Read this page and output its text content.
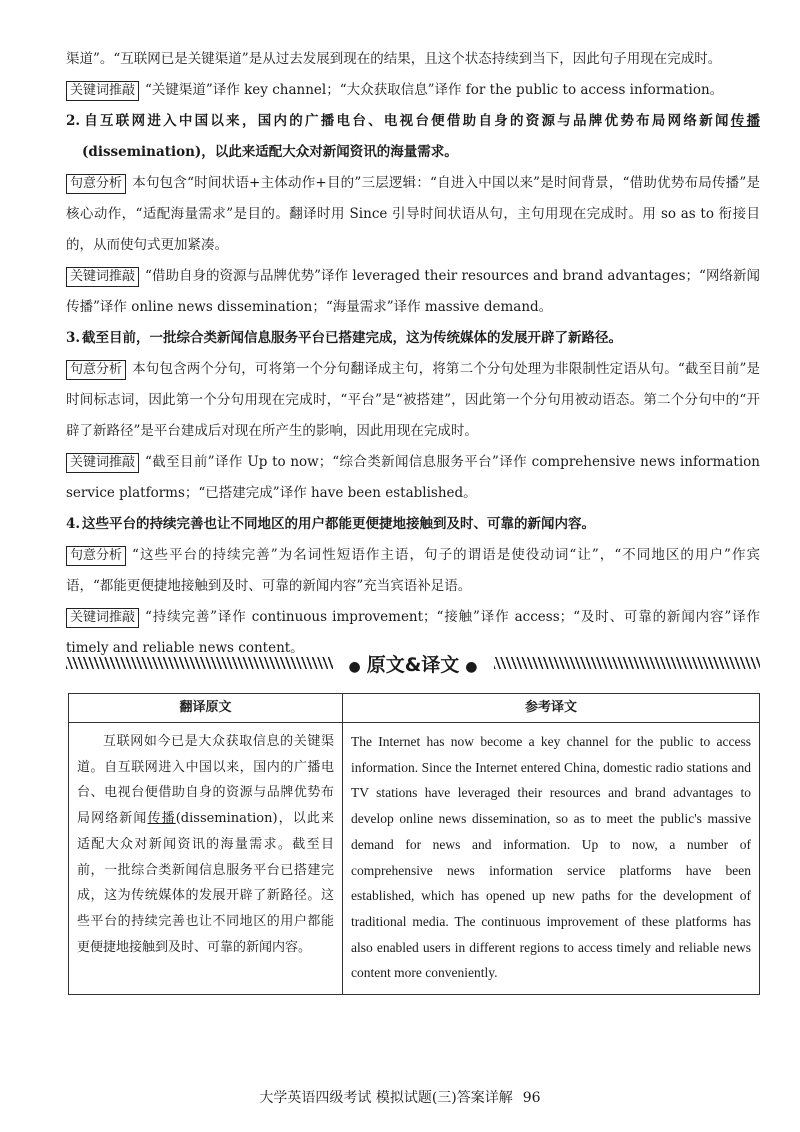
渠道”。“互联网已是关键渠道”是从过去发展到现在的结果，且这个状态持续到当下，因此句子用现在完成时。

关键词推敲 “关键渠道”译作 key channel；“大众获取信息”译作 for the public to access information。

2. 自互联网进入中国以来，国内的广播电台、电视台便借助自身的资源与品牌优势布局网络新闻传播(dissemination)，以此来适配大众对新闻资讯的海量需求。

句意分析 本句包含“时间状语+主体动作+目的”三层逻辑：“自进入中国以来”是时间背景，“借助优势布局传播”是核心动作，“适配海量需求”是目的。翻译时用 Since 引导时间状语从句，主句用现在完成时。用 so as to 衔接目的，从而使句式更加紧凑。

关键词推敲 “借助自身的资源与品牌优势”译作 leveraged their resources and brand advantages；“网络新闻传播”译作 online news dissemination；“海量需求”译作 massive demand。

3. 截至目前，一批综合类新闻信息服务平台已搭建完成，这为传统媒体的发展开辟了新路径。

句意分析 本句包含两个分句，可将第一个分句翻译成主句，将第二个分句处理为非限制性定语从句。“截至目前”是时间标志词，因此第一个分句用现在完成时，“平台”是“被搭建”，因此第一个分句用被动语态。第二个分句中的“开辟了新路径”是平台建成后对现在所产生的影响，因此用现在完成时。

关键词推敲 “截至目前”译作 Up to now；“综合类新闻信息服务平台”译作 comprehensive news information service platforms；“已搭建完成”译作 have been established。

4. 这些平台的持续完善也让不同地区的用户都能更便捷地接触到及时、可靠的新闻内容。

句意分析 “这些平台的持续完善”为名词性短语作主语，句子的谓语是使役动词“让”，“不同地区的用户”作宾语，“都能更便捷地接触到及时、可靠的新闻内容”充当宾语补足语。

关键词推敲 “持续完善”译作 continuous improvement；“接触”译作 access；“及时、可靠的新闻内容”译作 timely and reliable news content。

● 原文&译文 ●
翻译原文	参考译文

互联网如今已是大众获取信息的关键渠道。自互联网进入中国以来，国内的广播电台、电视台便借助自身的资源与品牌优势布局网络新闻传播(dissemination)，以此来适配大众对新闻资讯的海量需求。截至目前，一批综合类新闻信息服务平台已搭建完成，这为传统媒体的发展开辟了新路径。这些平台的持续完善也让不同地区的用户都能更便捷地接触到及时、可靠的新闻内容。	The Internet has now become a key channel for the public to access information. Since the Internet entered China, domestic radio stations and TV stations have leveraged their resources and brand advantages to develop online news dissemination, so as to meet the public's massive demand for news and information. Up to now, a number of comprehensive news information service platforms have been established, which has opened up new paths for the development of traditional media. The continuous improvement of these platforms has also enabled users in different regions to access timely and reliable news content more conveniently.

大学英语四级考试 模拟试题(三)答案详解 96
